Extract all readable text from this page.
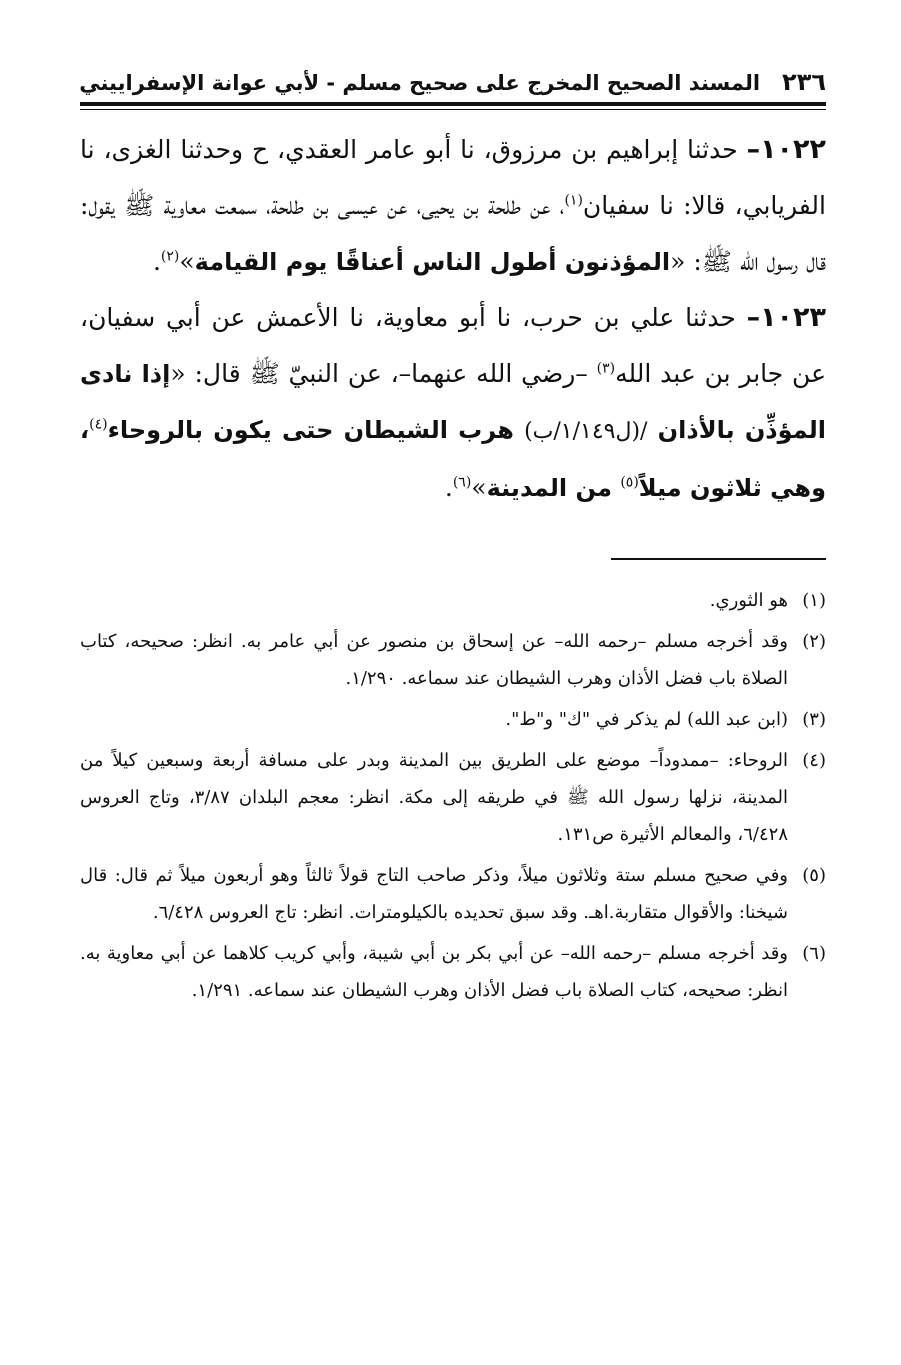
٢٣٦
المسند الصحيح المخرج على صحيح مسلم - لأبي عوانة الإسفراييني

١٠٢٢– حدثنا إبراهيم بن مرزوق، نا أبو عامر العقدي، ح وحدثنا الغزى، نا الفريابي، قالا: نا سفيان$^{(١)}$، عن طلحة بن يحيى، عن عيسى بن طلحة، سمعت معاوية ﷺ يقول: قال رسول الله ﷺ: «المؤذنون أطول الناس أعناقًا يوم القيامة»$^{(٢)}$.

١٠٢٣– حدثنا علي بن حرب، نا أبو معاوية، نا الأعمش عن أبي سفيان، عن جابر بن عبد الله$^{(٣)}$ –رضي الله عنهما–، عن النبيّ ﷺ قال: «إذا نادى المؤذِّن بالأذان /(ل١/١٤٩/ب) هرب الشيطان حتى يكون بالروحاء$^{(٤)}$، وهي ثلاثون ميلاً$^{(٥)}$ من المدينة»$^{(٦)}$.

(١)
هو الثوري.
(٢)
وقد أخرجه مسلم –رحمه الله– عن إسحاق بن منصور عن أبي عامر به. انظر: صحيحه، كتاب الصلاة باب فضل الأذان وهرب الشيطان عند سماعه. ١/٢٩٠.
(٣)
(ابن عبد الله) لم يذكر في "ك" و"ط".
(٤)
الروحاء: –ممدوداً– موضع على الطريق بين المدينة وبدر على مسافة أربعة وسبعين كيلاً من المدينة، نزلها رسول الله ﷺ في طريقه إلى مكة. انظر: معجم البلدان ٣/٨٧، وتاج العروس ٦/٤٢٨، والمعالم الأثيرة ص١٣١.
(٥)
وفي صحيح مسلم ستة وثلاثون ميلاً، وذكر صاحب التاج قولاً ثالثاً وهو أربعون ميلاً ثم قال: قال شيخنا: والأقوال متقاربة.اهـ. وقد سبق تحديده بالكيلومترات. انظر: تاج العروس ٦/٤٢٨.
(٦)
وقد أخرجه مسلم –رحمه الله– عن أبي بكر بن أبي شيبة، وأبي كريب كلاهما عن أبي معاوية به. انظر: صحيحه، كتاب الصلاة باب فضل الأذان وهرب الشيطان عند سماعه. ١/٢٩١.
